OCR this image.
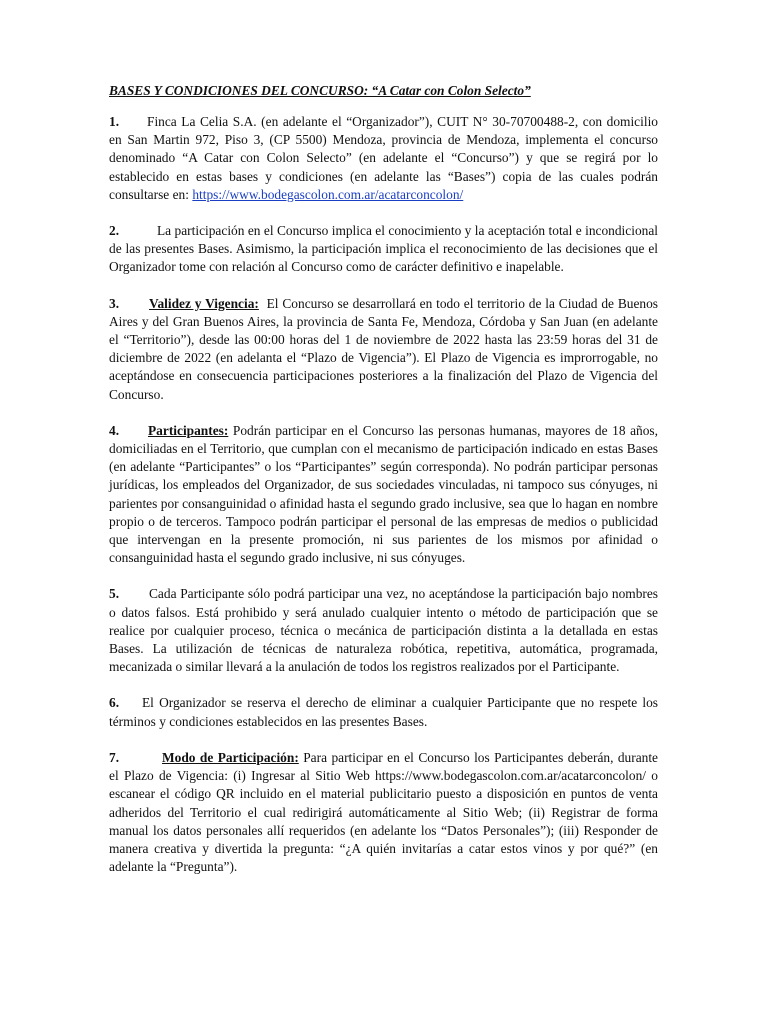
BASES Y CONDICIONES DEL CONCURSO: “A Catar con Colon Selecto”

1. Finca La Celia S.A. (en adelante el “Organizador”), CUIT N° 30-70700488-2, con domicilio en San Martin 972, Piso 3, (CP 5500) Mendoza, provincia de Mendoza, implementa el concurso denominado “A Catar con Colon Selecto” (en adelante el “Concurso”) y que se regirá por lo establecido en estas bases y condiciones (en adelante las “Bases”) copia de las cuales podrán consultarse en: https://www.bodegascolon.com.ar/acatarconcolon/

2.	La participación en el Concurso implica el conocimiento y la aceptación total e incondicional de las presentes Bases. Asimismo, la participación implica el reconocimiento de las decisiones que el Organizador tome con relación al Concurso como de carácter definitivo e inapelable.

3. Validez y Vigencia: El Concurso se desarrollará en todo el territorio de la Ciudad de Buenos Aires y del Gran Buenos Aires, la provincia de Santa Fe, Mendoza, Córdoba y San Juan (en adelante el “Territorio”), desde las 00:00 horas del 1 de noviembre de 2022 hasta las 23:59 horas del 31 de diciembre de 2022 (en adelanta el “Plazo de Vigencia”). El Plazo de Vigencia es improrrogable, no aceptándose en consecuencia participaciones posteriores a la finalización del Plazo de Vigencia del Concurso.

4. Participantes: Podrán participar en el Concurso las personas humanas, mayores de 18 años, domiciliadas en el Territorio, que cumplan con el mecanismo de participación indicado en estas Bases (en adelante “Participantes” o los “Participantes” según corresponda). No podrán participar personas jurídicas, los empleados del Organizador, de sus sociedades vinculadas, ni tampoco sus cónyuges, ni parientes por consanguinidad o afinidad hasta el segundo grado inclusive, sea que lo hagan en nombre propio o de terceros. Tampoco podrán participar el personal de las empresas de medios o publicidad que intervengan en la presente promoción, ni sus parientes de los mismos por afinidad o consanguinidad hasta el segundo grado inclusive, ni sus cónyuges.

5. Cada Participante sólo podrá participar una vez, no aceptándose la participación bajo nombres o datos falsos. Está prohibido y será anulado cualquier intento o método de participación que se realice por cualquier proceso, técnica o mecánica de participación distinta a la detallada en estas Bases. La utilización de técnicas de naturaleza robótica, repetitiva, automática, programada, mecanizada o similar llevará a la anulación de todos los registros realizados por el Participante.

6. El Organizador se reserva el derecho de eliminar a cualquier Participante que no respete los términos y condiciones establecidos en las presentes Bases.

7.	Modo de Participación: Para participar en el Concurso los Participantes deberán, durante el Plazo de Vigencia: (i) Ingresar al Sitio Web https://www.bodegascolon.com.ar/acatarconcolon/ o escanear el código QR incluido en el material publicitario puesto a disposición en puntos de venta adheridos del Territorio el cual redirigirá automáticamente al Sitio Web; (ii) Registrar de forma manual los datos personales allí requeridos (en adelante los “Datos Personales”); (iii) Responder de manera creativa y divertida la pregunta: “¿A quién invitarías a catar estos vinos y por qué?” (en adelante la “Pregunta”).
